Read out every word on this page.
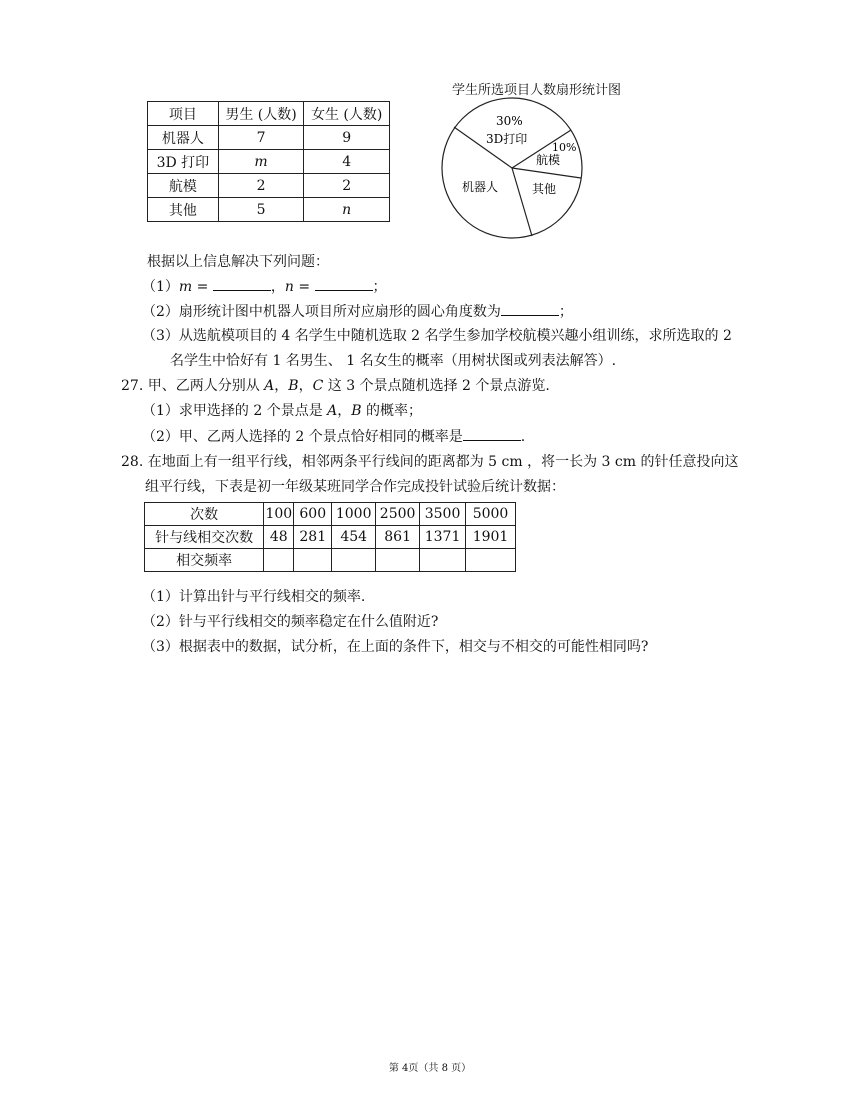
项目	男生 (人数)	女生 (人数)
机器人	7	9
3D 打印	m	4
航模	2	2
其他	5	n
学生所选项目人数扇形统计图
30%
3D打印
10%
航模
其他
机器人
根据以上信息解决下列问题：
（1）m =	，n =	；
（2）扇形统计图中机器人项目所对应扇形的圆心角度数为	；
（3）从选航模项目的 4 名学生中随机选取 2 名学生参加学校航模兴趣小组训练，求所选取的 2
名学生中恰好有 1 名男生、 1 名女生的概率（用树状图或列表法解答）.
27. 甲、乙两人分别从 A，B，C 这 3 个景点随机选择 2 个景点游览.
（1）求甲选择的 2 个景点是 A，B 的概率；
（2）甲、乙两人选择的 2 个景点恰好相同的概率是	.
28. 在地面上有一组平行线，相邻两条平行线间的距离都为 5 cm ，将一长为 3 cm 的针任意投向这
组平行线，下表是初一年级某班同学合作完成投针试验后统计数据：
次数	100	600	1000	2500	3500	5000
针与线相交次数	48	281	454	861	1371	1901
相交频率						
（1）计算出针与平行线相交的频率.
（2）针与平行线相交的频率稳定在什么值附近?
（3）根据表中的数据，试分析，在上面的条件下，相交与不相交的可能性相同吗?
第 4页（共 8 页）
